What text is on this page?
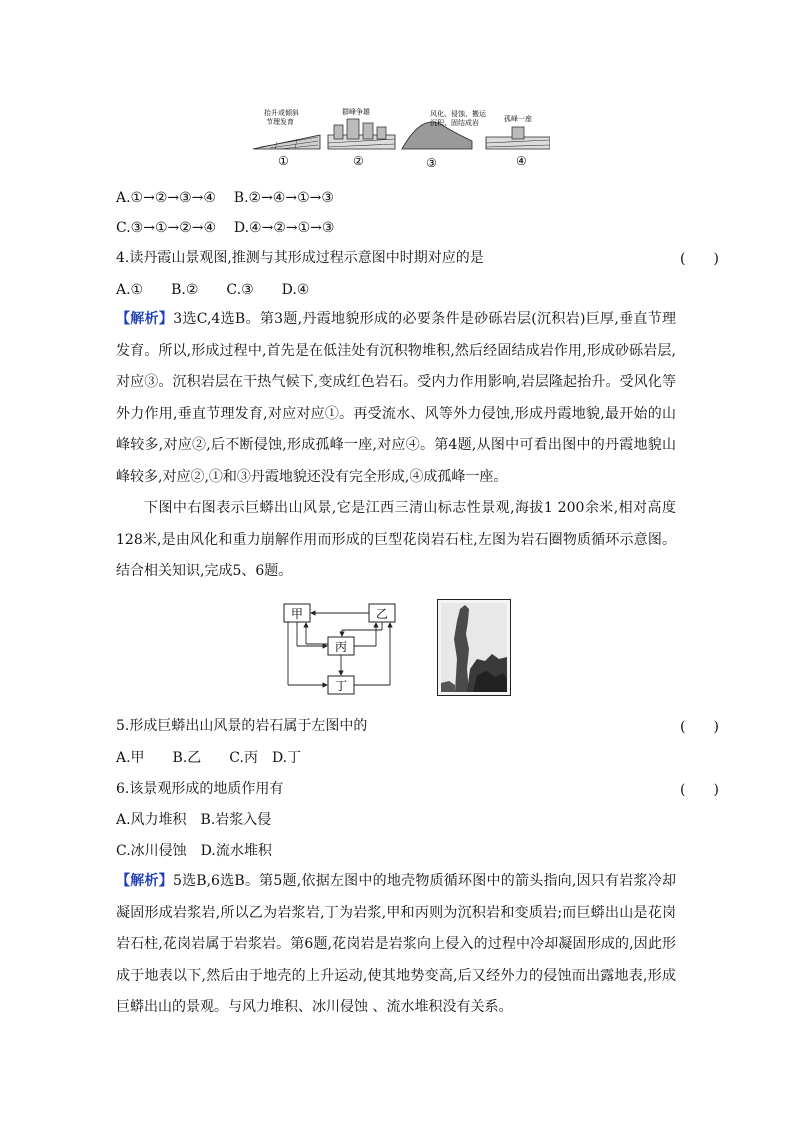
抬升或倾斜
节理发育
①
群峰争雄
②
风化、侵蚀、搬运
沉积、固结成岩
③
孤峰一座
④
A.①→②→③→④ B.②→④→①→③
C.③→①→②→④ D.④→②→①→③
4.读丹霞山景观图,推测与其形成过程示意图中时期对应的是	(　　)
A.①　　B.②　　C.③　　D.④
【解析】3选C,4选B。第3题,丹霞地貌形成的必要条件是砂砾岩层(沉积岩)巨厚,垂直节理发育。所以,形成过程中,首先是在低洼处有沉积物堆积,然后经固结成岩作用,形成砂砾岩层,对应③。沉积岩层在干热气候下,变成红色岩石。受内力作用影响,岩层隆起抬升。受风化等外力作用,垂直节理发育,对应对应①。再受流水、风等外力侵蚀,形成丹霞地貌,最开始的山峰较多,对应②,后不断侵蚀,形成孤峰一座,对应④。第4题,从图中可看出图中的丹霞地貌山峰较多,对应②,①和③丹霞地貌还没有完全形成,④成孤峰一座。
下图中右图表示巨蟒出山风景,它是江西三清山标志性景观,海拔1 200余米,相对高度128米,是由风化和重力崩解作用而形成的巨型花岗岩石柱,左图为岩石圈物质循环示意图。结合相关知识,完成5、6题。
甲	乙
丙
丁
5.形成巨蟒出山风景的岩石属于左图中的	(　　)
A.甲　　B.乙　　C.丙　D.丁
6.该景观形成的地质作用有	(　　)
A.风力堆积　B.岩浆入侵
C.冰川侵蚀　D.流水堆积
【解析】5选B,6选B。第5题,依据左图中的地壳物质循环图中的箭头指向,因只有岩浆冷却凝固形成岩浆岩,所以乙为岩浆岩,丁为岩浆,甲和丙则为沉积岩和变质岩;而巨蟒出山是花岗岩石柱,花岗岩属于岩浆岩。第6题,花岗岩是岩浆向上侵入的过程中冷却凝固形成的,因此形成于地表以下,然后由于地壳的上升运动,使其地势变高,后又经外力的侵蚀而出露地表,形成巨蟒出山的景观。与风力堆积、冰川侵蚀 、流水堆积没有关系。
